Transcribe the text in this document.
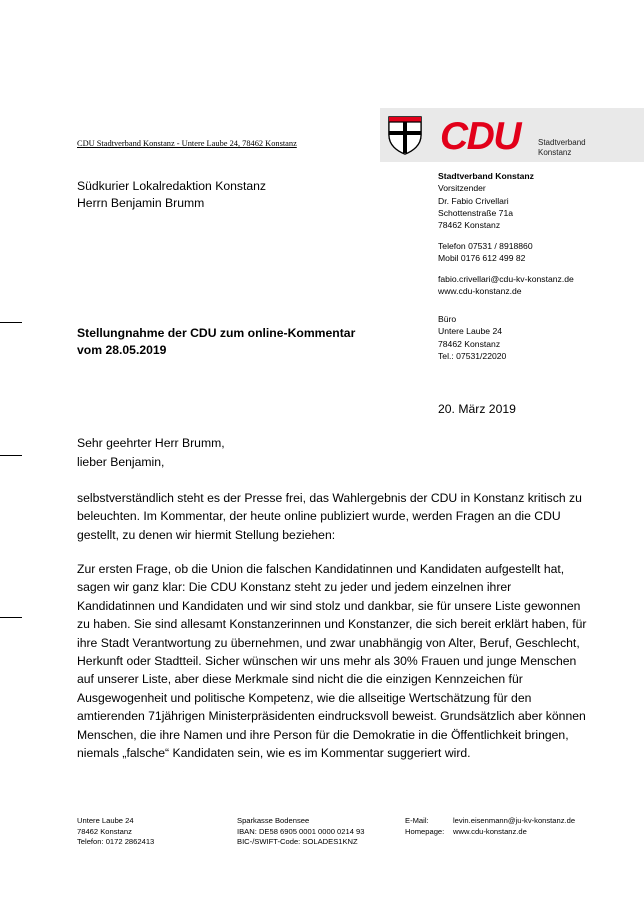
CDU Stadtverband Konstanz - Untere Laube 24, 78462 Konstanz	CDU Stadtverband
Konstanz
Südkurier Lokalredaktion Konstanz
Herrn Benjamin Brumm
Stadtverband Konstanz
Vorsitzender
Dr. Fabio Crivellari
Schottenstraße 71a
78462 Konstanz
Telefon 07531 / 8918860
Mobil 0176 612 499 82
fabio.crivellari@cdu-kv-konstanz.de
www.cdu-konstanz.de
Büro
Untere Laube 24
78462 Konstanz
Tel.: 07531/22020
Stellungnahme der CDU zum online-Kommentar
vom 28.05.2019
20. März 2019
Sehr geehrter Herr Brumm,
lieber Benjamin,
selbstverständlich steht es der Presse frei, das Wahlergebnis der CDU in Konstanz kritisch zu beleuchten. Im Kommentar, der heute online publiziert wurde, werden Fragen an die CDU gestellt, zu denen wir hiermit Stellung beziehen:
Zur ersten Frage, ob die Union die falschen Kandidatinnen und Kandidaten aufgestellt hat, sagen wir ganz klar: Die CDU Konstanz steht zu jeder und jedem einzelnen ihrer Kandidatinnen und Kandidaten und wir sind stolz und dankbar, sie für unsere Liste gewonnen zu haben. Sie sind allesamt Konstanzerinnen und Konstanzer, die sich bereit erklärt haben, für ihre Stadt Verantwortung zu übernehmen, und zwar unabhängig von Alter, Beruf, Geschlecht, Herkunft oder Stadtteil. Sicher wünschen wir uns mehr als 30% Frauen und junge Menschen auf unserer Liste, aber diese Merkmale sind nicht die die einzigen Kennzeichen für Ausgewogenheit und politische Kompetenz, wie die allseitige Wertschätzung für den amtierenden 71jährigen Ministerpräsidenten eindrucksvoll beweist. Grundsätzlich aber können Menschen, die ihre Namen und ihre Person für die Demokratie in die Öffentlichkeit bringen, niemals „falsche“ Kandidaten sein, wie es im Kommentar suggeriert wird.
Untere Laube 24
78462 Konstanz
Telefon: 0172 2862413
Sparkasse Bodensee
IBAN: DE58 6905 0001 0000 0214 93
BIC-/SWIFT-Code: SOLADES1KNZ
E-Mail:	levin.eisenmann@ju-kv-konstanz.de
Homepage: www.cdu-konstanz.de
